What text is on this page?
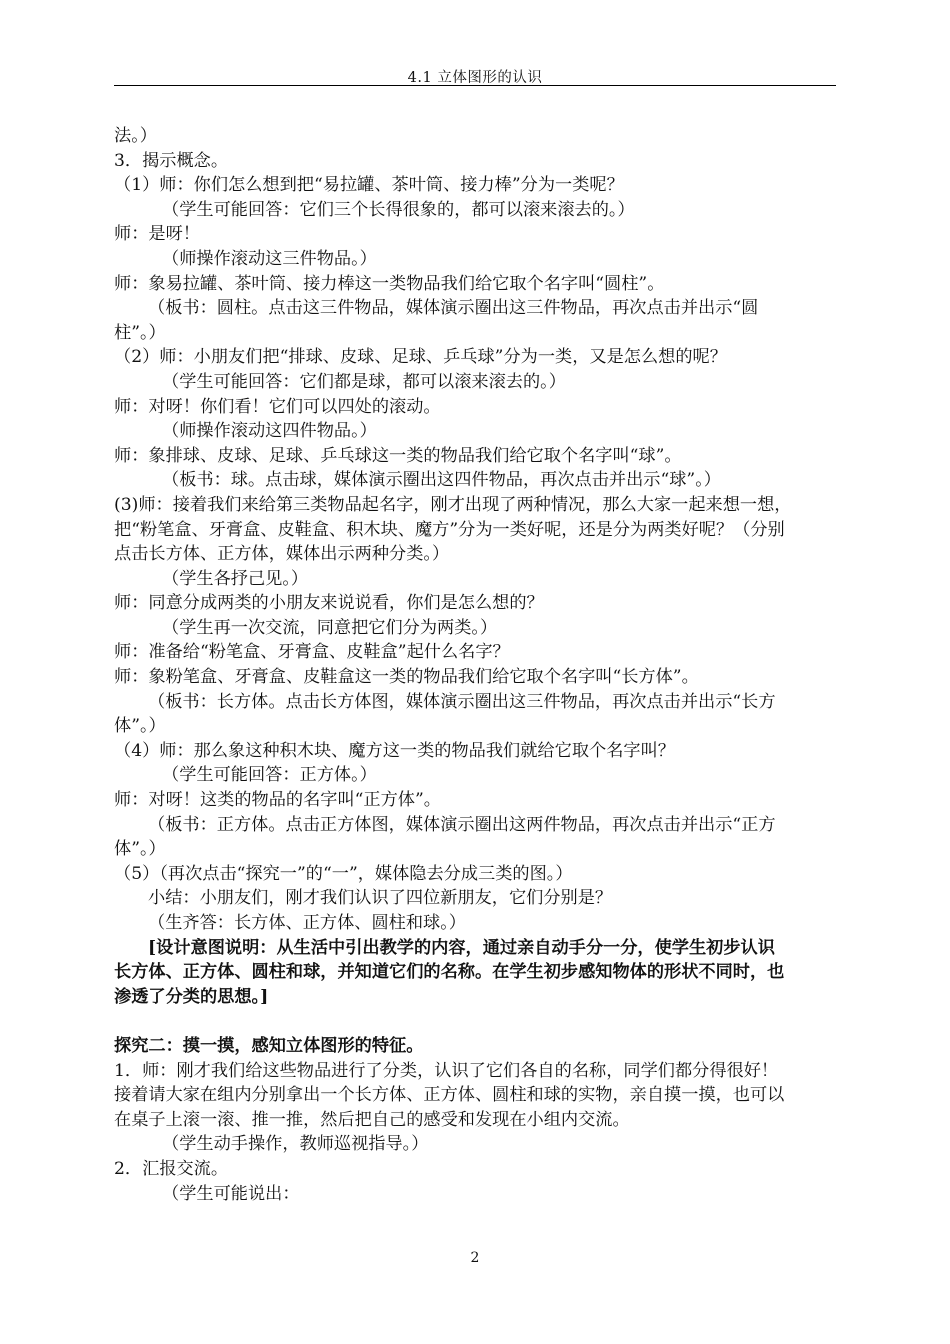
4.1 立体图形的认识
法。）
3．揭示概念。
（1）师：你们怎么想到把“易拉罐、茶叶筒、接力棒”分为一类呢？
（学生可能回答：它们三个长得很象的，都可以滚来滚去的。）
师：是呀！
（师操作滚动这三件物品。）
师：象易拉罐、茶叶筒、接力棒这一类物品我们给它取个名字叫“圆柱”。
（板书：圆柱。点击这三件物品，媒体演示圈出这三件物品，再次点击并出示“圆
柱”。）
（2）师：小朋友们把“排球、皮球、足球、乒乓球”分为一类，又是怎么想的呢？
（学生可能回答：它们都是球，都可以滚来滚去的。）
师：对呀！你们看！它们可以四处的滚动。
（师操作滚动这四件物品。）
师：象排球、皮球、足球、乒乓球这一类的物品我们给它取个名字叫“球”。
（板书：球。点击球，媒体演示圈出这四件物品，再次点击并出示“球”。）
(3)师：接着我们来给第三类物品起名字，刚才出现了两种情况，那么大家一起来想一想，
把“粉笔盒、牙膏盒、皮鞋盒、积木块、魔方”分为一类好呢，还是分为两类好呢？（分别
点击长方体、正方体，媒体出示两种分类。）
（学生各抒己见。）
师：同意分成两类的小朋友来说说看，你们是怎么想的？
（学生再一次交流，同意把它们分为两类。）
师：准备给“粉笔盒、牙膏盒、皮鞋盒”起什么名字？
师：象粉笔盒、牙膏盒、皮鞋盒这一类的物品我们给它取个名字叫“长方体”。
（板书：长方体。点击长方体图，媒体演示圈出这三件物品，再次点击并出示“长方
体”。）
（4）师：那么象这种积木块、魔方这一类的物品我们就给它取个名字叫？
（学生可能回答：正方体。）
师：对呀！这类的物品的名字叫“正方体”。
（板书：正方体。点击正方体图，媒体演示圈出这两件物品，再次点击并出示“正方
体”。）
（5）（再次点击“探究一”的“一”，媒体隐去分成三类的图。）
小结：小朋友们，刚才我们认识了四位新朋友，它们分别是？
（生齐答：长方体、正方体、圆柱和球。）
[设计意图说明：从生活中引出教学的内容，通过亲自动手分一分，使学生初步认识
长方体、正方体、圆柱和球，并知道它们的名称。在学生初步感知物体的形状不同时，也
渗透了分类的思想。]
探究二：摸一摸，感知立体图形的特征。
1．师：刚才我们给这些物品进行了分类，认识了它们各自的名称，同学们都分得很好！
接着请大家在组内分别拿出一个长方体、正方体、圆柱和球的实物，亲自摸一摸，也可以
在桌子上滚一滚、推一推，然后把自己的感受和发现在小组内交流。
（学生动手操作，教师巡视指导。）
2．汇报交流。
（学生可能说出：
2
